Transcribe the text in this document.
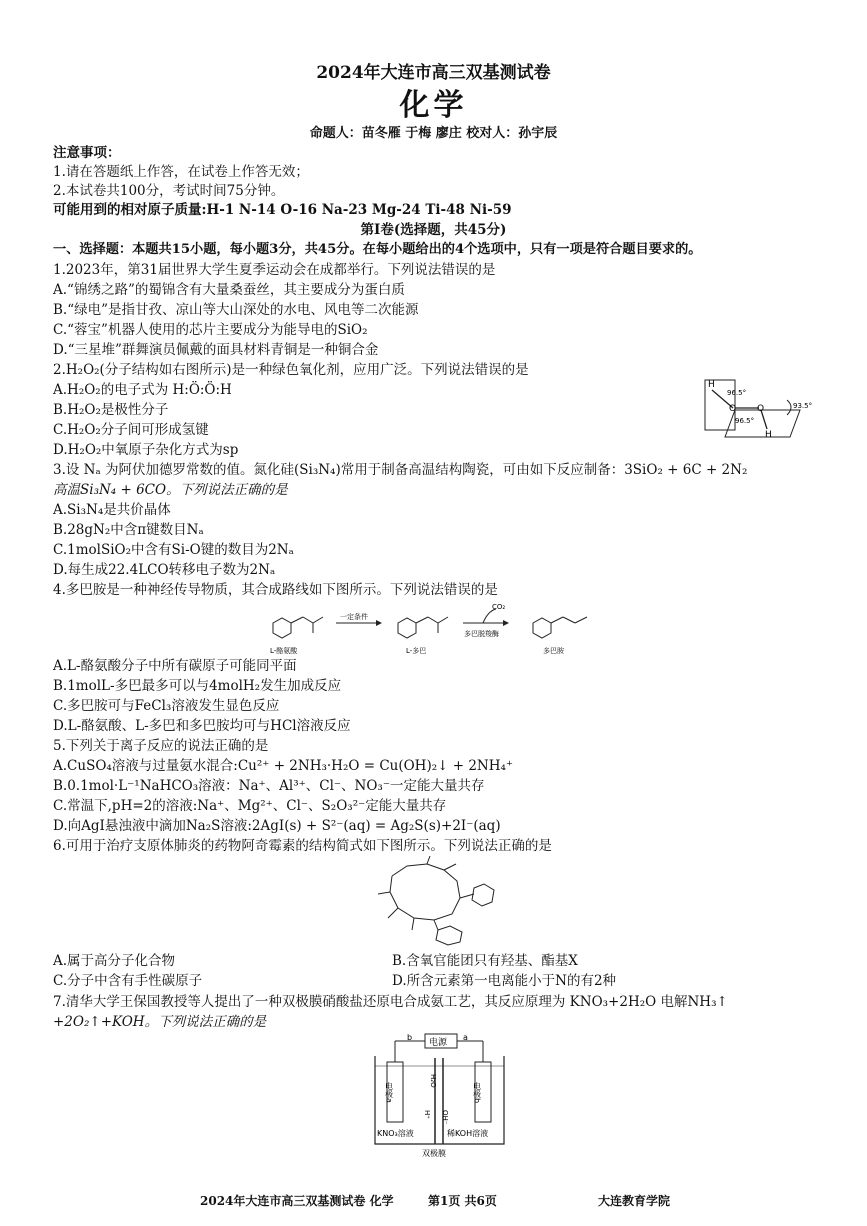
2024年大连市高三双基测试卷
化学
命题人：苗冬雁 于梅 廖庄 校对人：孙宇辰
注意事项：
1.请在答题纸上作答，在试卷上作答无效；
2.本试卷共100分，考试时间75分钟。
可能用到的相对原子质量:H-1 N-14 O-16 Na-23 Mg-24 Ti-48 Ni-59
第I卷(选择题，共45分)
一、选择题：本题共15小题，每小题3分，共45分。在每小题给出的4个选项中，只有一项是符合题目要求的。
1.2023年，第31届世界大学生夏季运动会在成都举行。下列说法错误的是
A.“锦绣之路”的蜀锦含有大量桑蚕丝，其主要成分为蛋白质
B.“绿电”是指甘孜、凉山等大山深处的水电、风电等二次能源
C.“蓉宝”机器人使用的芯片主要成分为能导电的SiO₂
D.“三星堆”群舞演员佩戴的面具材料青铜是一种铜合金
2.H₂O₂(分子结构如右图所示)是一种绿色氧化剂，应用广泛。下列说法错误的是
A.H₂O₂的电子式为 H:Ö:Ö:H
B.H₂O₂是极性分子
C.H₂O₂分子间可形成氢键
D.H₂O₂中氧原子杂化方式为sp
H
96.5°
O O	93.5°
96.5°
H
3.设 Nₐ 为阿伏加德罗常数的值。氮化硅(Si₃N₄)常用于制备高温结构陶瓷，可由如下反应制备：3SiO₂ + 6C + 2N₂
高温Si₃N₄ + 6CO。下列说法正确的是
A.Si₃N₄是共价晶体
B.28gN₂中含π键数目Nₐ
C.1molSiO₂中含有Si-O键的数目为2Nₐ
D.每生成22.4LCO转移电子数为2Nₐ
4.多巴胺是一种神经传导物质，其合成路线如下图所示。下列说法错误的是
L-酪氨酸
一定条件
L-多巴
CO₂
多巴脱羧酶
多巴胺
A.L-酪氨酸分子中所有碳原子可能同平面
B.1molL-多巴最多可以与4molH₂发生加成反应
C.多巴胺可与FeCl₃溶液发生显色反应
D.L-酪氨酸、L-多巴和多巴胺均可与HCl溶液反应
5.下列关于离子反应的说法正确的是
A.CuSO₄溶液与过量氨水混合:Cu²⁺ + 2NH₃·H₂O = Cu(OH)₂↓ + 2NH₄⁺
B.0.1mol·L⁻¹NaHCO₃溶液：Na⁺、Al³⁺、Cl⁻、NO₃⁻一定能大量共存
C.常温下,pH=2的溶液:Na⁺、Mg²⁺、Cl⁻、S₂O₃²⁻定能大量共存
D.向AgI悬浊液中滴加Na₂S溶液:2AgI(s) + S²⁻(aq) = Ag₂S(s)+2I⁻(aq)
6.可用于治疗支原体肺炎的药物阿奇霉素的结构简式如下图所示。下列说法正确的是
A.属于高分子化合物	B.含氧官能团只有羟基、酯基X
C.分子中含有手性碳原子	D.所含元素第一电离能小于N的有2种
7.清华大学王保国教授等人提出了一种双极膜硝酸盐还原电合成氨工艺，其反应原理为 KNO₃+2H₂O 电解NH₃↑
+2O₂↑+KOH。下列说法正确的是
b
电源
a
电极a	电极b
H₂O
H⁺ OH⁻
KNO₃溶液	稀KOH溶液
双极膜
2024年大连市高三双基测试卷 化学	第1页 共6页	大连教育学院
